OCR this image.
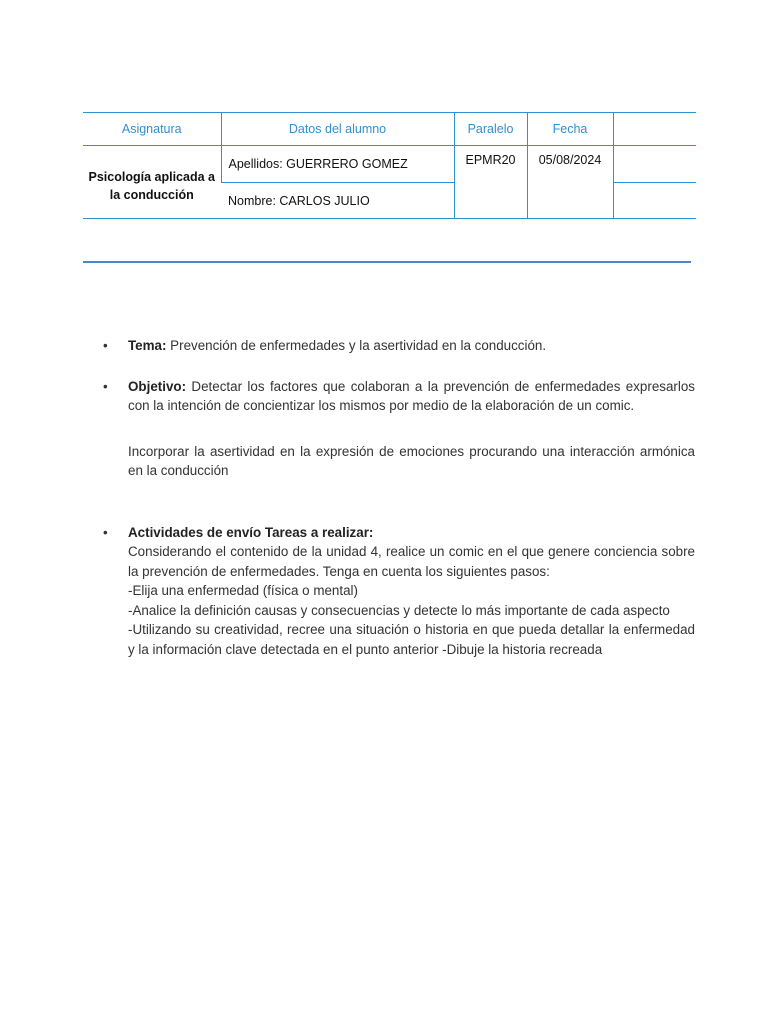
Asignatura	Datos del alumno	Paralelo	Fecha	

Psicología aplicada a
la conducción	Apellidos: GUERRERO GOMEZ	EPMR20	05/08/2024	
	Nombre: CARLOS JULIO			
•	Tema: Prevención de enfermedades y la asertividad en la conducción.
•	Objetivo: Detectar los factores que colaboran a la prevención de enfermedades expresarlos con la intención de concientizar los mismos por medio de la elaboración de un comic.
Incorporar la asertividad en la expresión de emociones procurando una interacción armónica en la conducción
•	Actividades de envío Tareas a realizar:
Considerando el contenido de la unidad 4, realice un comic en el que genere conciencia sobre la prevención de enfermedades. Tenga en cuenta los siguientes pasos:
-Elija una enfermedad (física o mental)
-Analice la definición causas y consecuencias y detecte lo más importante de cada aspecto
-Utilizando su creatividad, recree una situación o historia en que pueda detallar la enfermedad y la información clave detectada en el punto anterior -Dibuje la historia recreada
